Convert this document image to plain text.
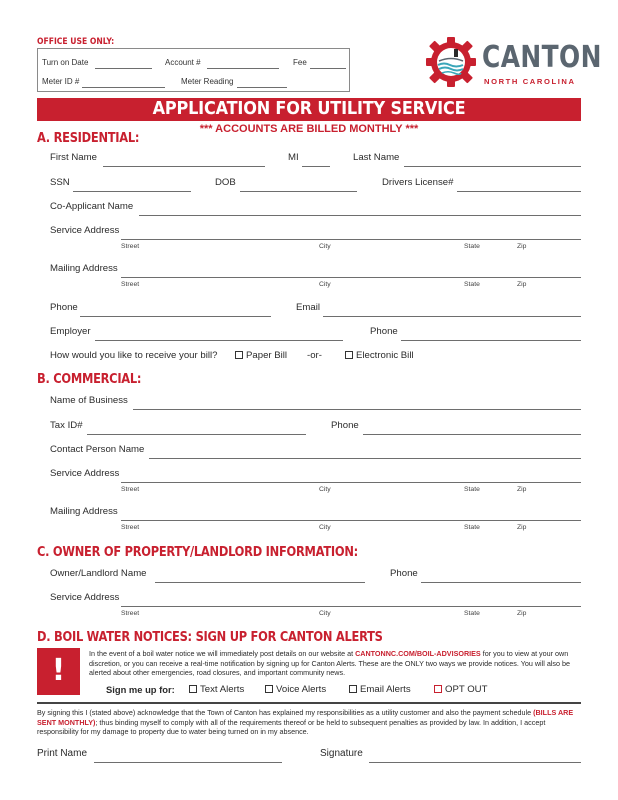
OFFICE USE ONLY:
Turn on Date	Account #	Fee
Meter ID #	Meter Reading
CANTON
NORTH CAROLINA
APPLICATION FOR UTILITY SERVICE
*** ACCOUNTS ARE BILLED MONTHLY ***
A. RESIDENTIAL:
First Name	MI	Last Name
SSN	DOB	Drivers License#
Co-Applicant Name
Service Address
Street	City	State	Zip
Mailing Address
Street	City	State	Zip
Phone	Email
Employer	Phone
How would you like to receive your bill?	Paper Bill -or-	Electronic Bill
B. COMMERCIAL:
Name of Business
Tax ID#	Phone
Contact Person Name
Service Address
Street	City	State	Zip
Mailing Address
Street	City	State	Zip
C. OWNER OF PROPERTY/LANDLORD INFORMATION:
Owner/Landlord Name	Phone
Service Address
Street	City	State	Zip
D. BOIL WATER NOTICES: SIGN UP FOR CANTON ALERTS
!	In the event of a boil water notice we will immediately post details on our website at CANTONNC.COM/BOIL-ADVISORIES for you to view at your own discretion, or you can receive a real-time notification by signing up for Canton Alerts. These are the ONLY two ways we provide notices. You will also be alerted about other emergencies, road closures, and important community news.
Sign me up for:	Text Alerts	Voice Alerts	Email Alerts	OPT OUT
By signing this I (stated above) acknowledge that the Town of Canton has explained my responsibilities as a utility customer and also the payment schedule (BILLS ARE SENT MONTHLY); thus binding myself to comply with all of the requirements thereof or be held to subsequent penalties as provided by law. In addition, I accept responsibility for my damage to property due to water being turned on in my absence.
Print Name	Signature
